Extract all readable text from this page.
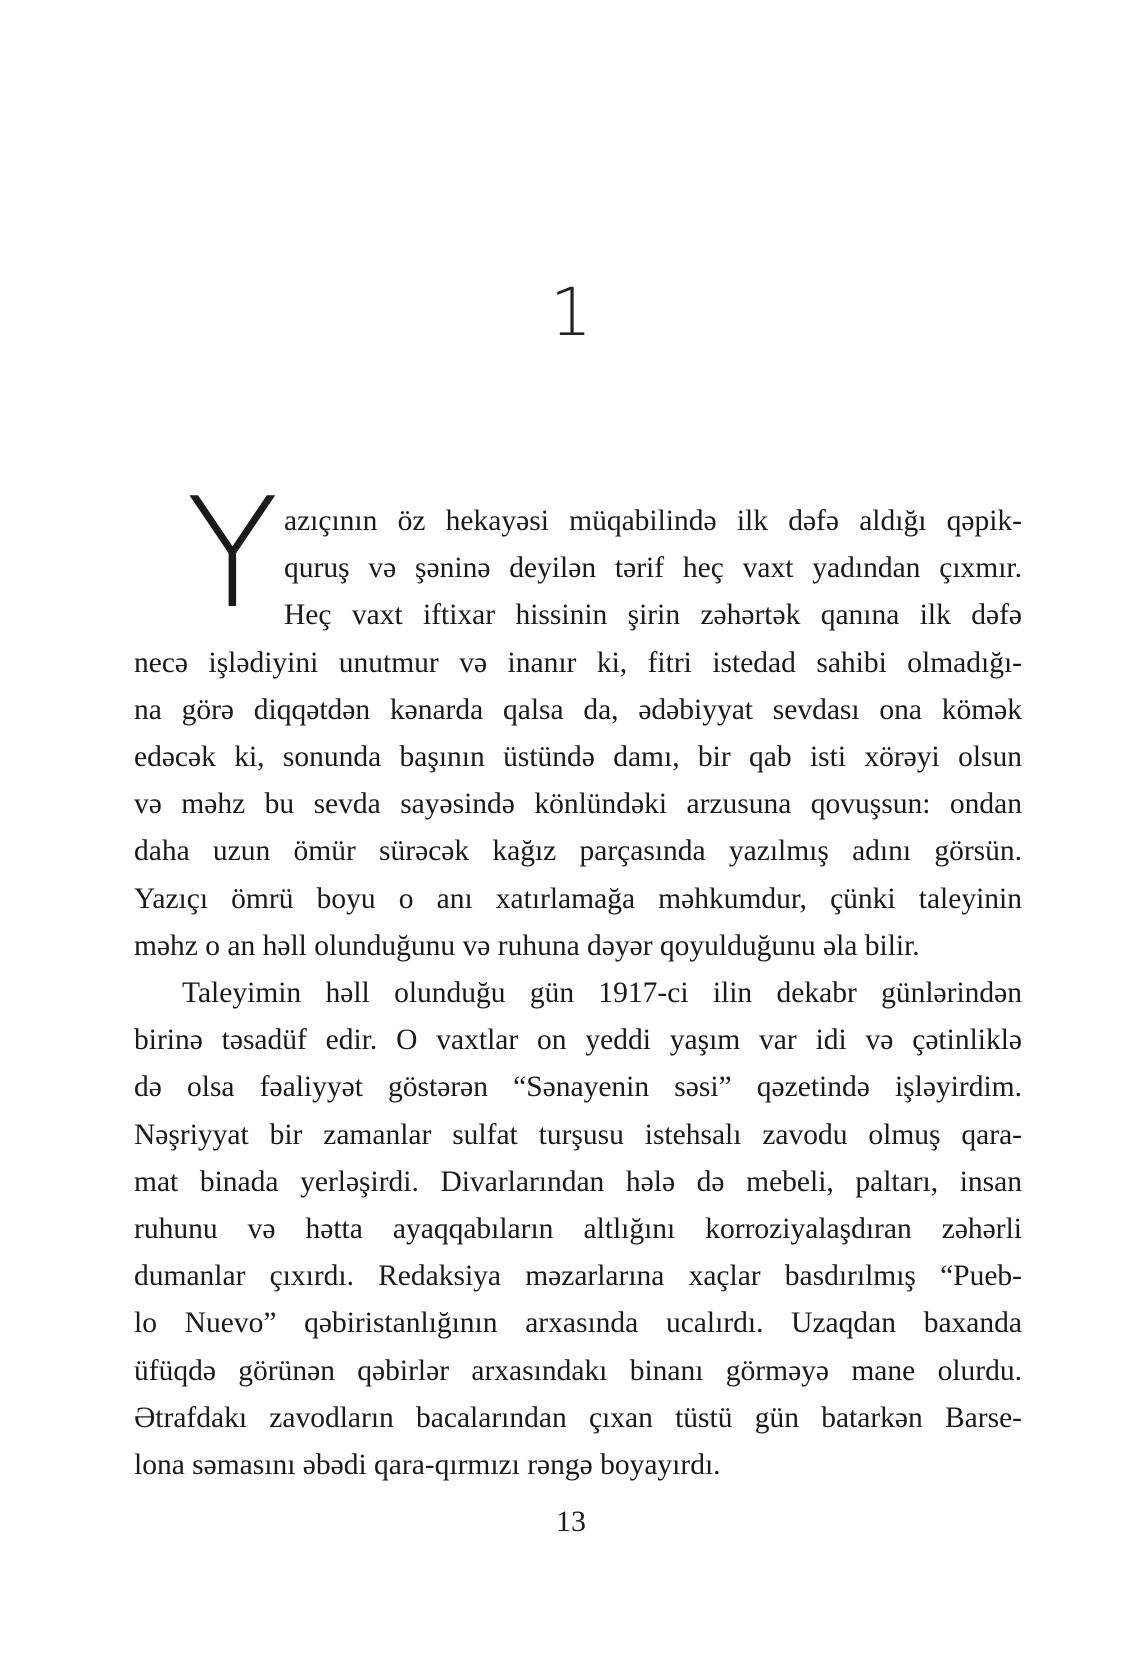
1
Y azıçının öz hekayəsi müqabilində ilk dəfə aldığı qəpik-
quruş və şəninə deyilən tərif heç vaxt yadından çıxmır.
Heç vaxt iftixar hissinin şirin zəhərtək qanına ilk dəfə
necə işlədiyini unutmur və inanır ki, fitri istedad sahibi olmadığı-
na görə diqqətdən kənarda qalsa da, ədəbiyyat sevdası ona kömək
edəcək ki, sonunda başının üstündə damı, bir qab isti xörəyi olsun
və məhz bu sevda sayəsində könlündəki arzusuna qovuşsun: ondan
daha uzun ömür sürəcək kağız parçasında yazılmış adını görsün.
Yazıçı ömrü boyu o anı xatırlamağa məhkumdur, çünki taleyinin
məhz o an həll olunduğunu və ruhuna dəyər qoyulduğunu əla bilir.
Taleyimin həll olunduğu gün 1917-ci ilin dekabr günlərindən
birinə təsadüf edir. O vaxtlar on yeddi yaşım var idi və çətinliklə
də olsa fəaliyyət göstərən “Sənayenin səsi” qəzetində işləyirdim.
Nəşriyyat bir zamanlar sulfat turşusu istehsalı zavodu olmuş qara-
mat binada yerləşirdi. Divarlarından hələ də mebeli, paltarı, insan
ruhunu və hətta ayaqqabıların altlığını korroziyalaşdıran zəhərli
dumanlar çıxırdı. Redaksiya məzarlarına xaçlar basdırılmış “Pueb-
lo Nuevo” qəbiristanlığının arxasında ucalırdı. Uzaqdan baxanda
üfüqdə görünən qəbirlər arxasındakı binanı görməyə mane olurdu.
Ətrafdakı zavodların bacalarından çıxan tüstü gün batarkən Barse-
lona səmasını əbədi qara-qırmızı rəngə boyayırdı.
13
